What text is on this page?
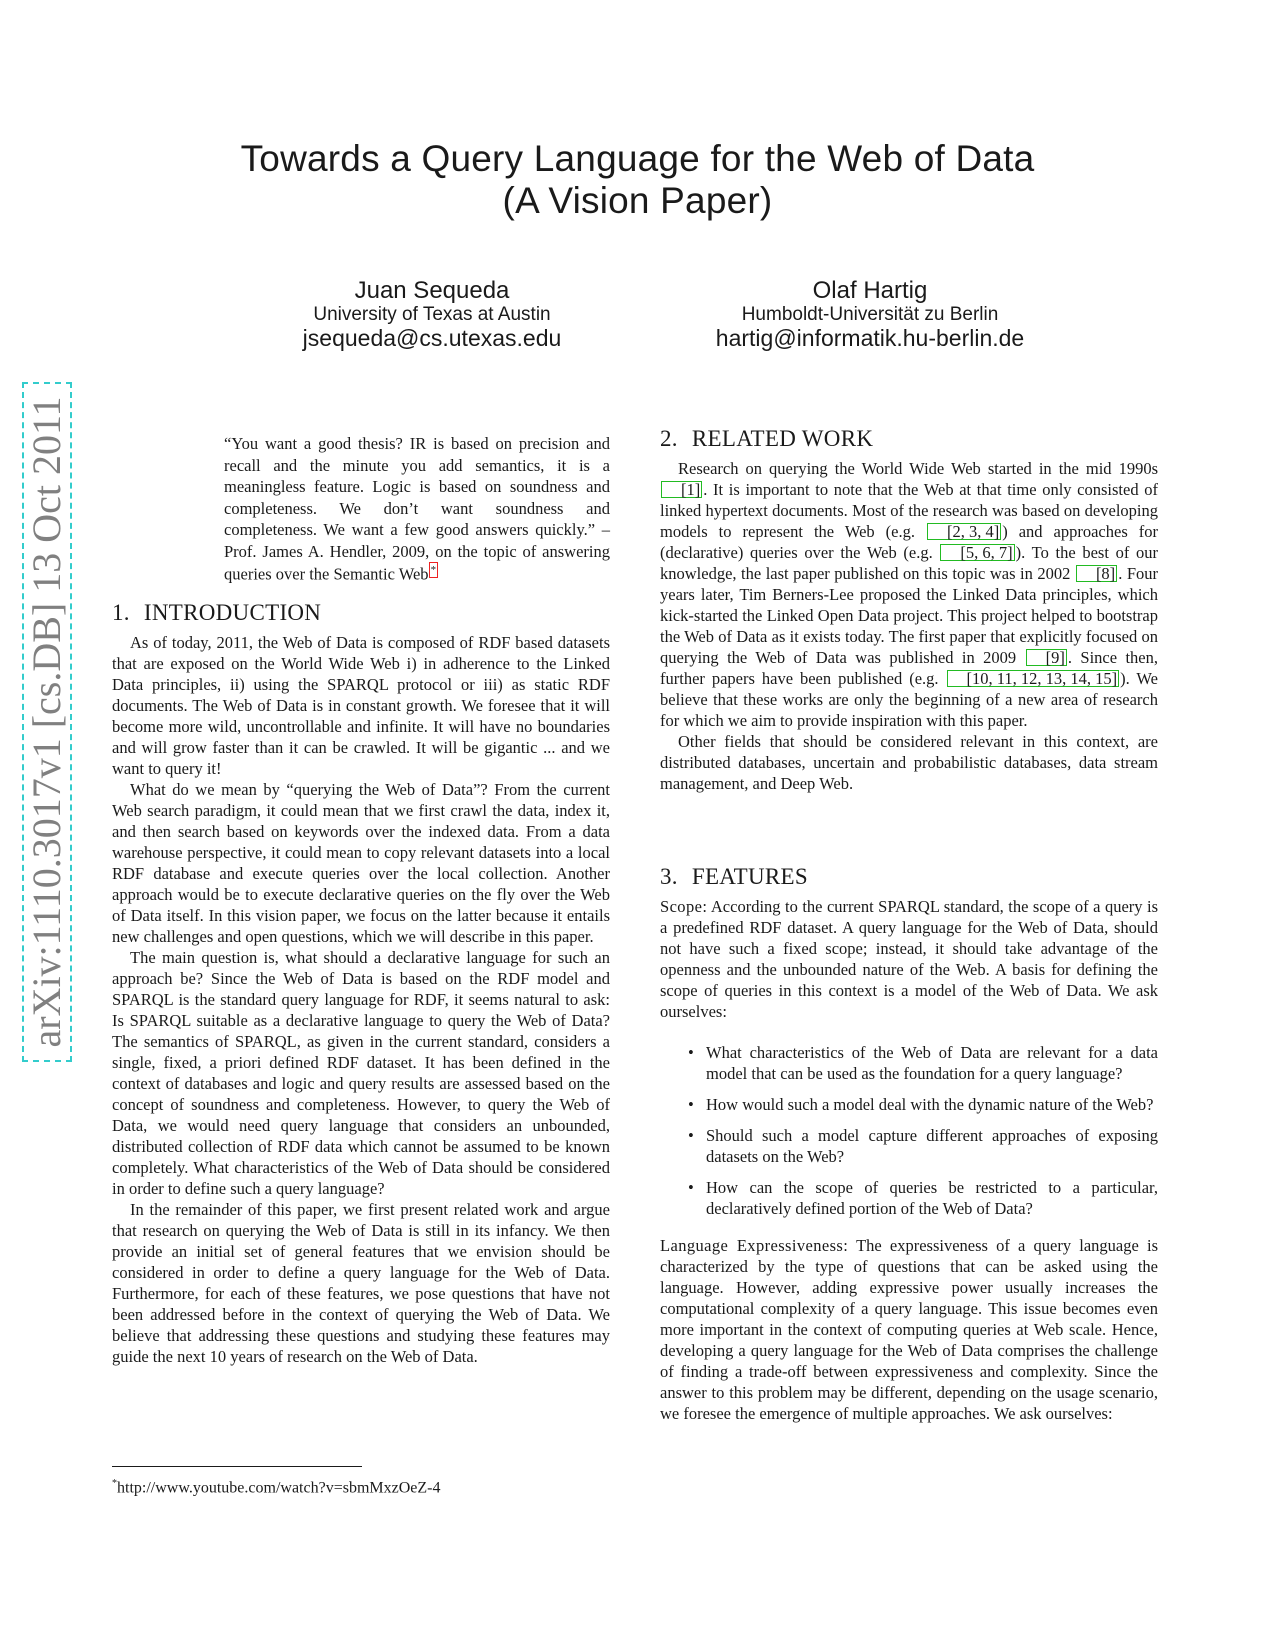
Towards a Query Language for the Web of Data
(A Vision Paper)
Juan Sequeda
University of Texas at Austin
jsequeda@cs.utexas.edu
Olaf Hartig
Humboldt-Universität zu Berlin
hartig@informatik.hu-berlin.de
arXiv:1110.3017v1 [cs.DB] 13 Oct 2011	“You want a good thesis? IR is based on precision and recall and the minute you add semantics, it is a meaningless feature. Logic is based on soundness and completeness. We don’t want soundness and completeness. We want a few good answers quickly.” – Prof. James A. Hendler, 2009, on the topic of answering queries over the Semantic Web *
1. INTRODUCTION

As of today, 2011, the Web of Data is composed of RDF based datasets that are exposed on the World Wide Web i) in adherence to the Linked Data principles, ii) using the SPARQL protocol or iii) as static RDF documents. The Web of Data is in constant growth. We foresee that it will become more wild, uncontrollable and infinite. It will have no boundaries and will grow faster than it can be crawled. It will be gigantic ... and we want to query it!

What do we mean by “querying the Web of Data”? From the current Web search paradigm, it could mean that we first crawl the data, index it, and then search based on keywords over the indexed data. From a data warehouse perspective, it could mean to copy relevant datasets into a local RDF database and execute queries over the local collection. Another approach would be to execute declarative queries on the fly over the Web of Data itself. In this vision paper, we focus on the latter because it entails new challenges and open questions, which we will describe in this paper.

The main question is, what should a declarative language for such an approach be? Since the Web of Data is based on the RDF model and SPARQL is the standard query language for RDF, it seems natural to ask: Is SPARQL suitable as a declarative language to query the Web of Data? The semantics of SPARQL, as given in the current standard, considers a single, fixed, a priori defined RDF dataset. It has been defined in the context of databases and logic and query results are assessed based on the concept of soundness and completeness. However, to query the Web of Data, we would need query language that considers an unbounded, distributed collection of RDF data which cannot be assumed to be known completely. What characteristics of the Web of Data should be considered in order to define such a query language?

In the remainder of this paper, we first present related work and argue that research on querying the Web of Data is still in its infancy. We then provide an initial set of general features that we envision should be considered in order to define a query language for the Web of Data. Furthermore, for each of these features, we pose questions that have not been addressed before in the context of querying the Web of Data. We believe that addressing these questions and studying these features may guide the next 10 years of research on the Web of Data.

*http://www.youtube.com/watch?v=sbmMxzOeZ-4
2. RELATED WORK

Research on querying the World Wide Web started in the mid 1990s [1] . It is important to note that the Web at that time only consisted of linked hypertext documents. Most of the research was based on developing models to represent the Web (e.g. [2, 3, 4] ) and approaches for (declarative) queries over the Web (e.g. [5, 6, 7] ). To the best of our knowledge, the last paper published on this topic was in 2002 [8] . Four years later, Tim Berners-Lee proposed the Linked Data principles, which kick-started the Linked Open Data project. This project helped to bootstrap the Web of Data as it exists today. The first paper that explicitly focused on querying the Web of Data was published in 2009 [9] . Since then, further papers have been published (e.g. [10, 11, 12, 13, 14, 15] ). We believe that these works are only the beginning of a new area of research for which we aim to provide inspiration with this paper.

Other fields that should be considered relevant in this context, are distributed databases, uncertain and probabilistic databases, data stream management, and Deep Web.

3. FEATURES

Scope: According to the current SPARQL standard, the scope of a query is a predefined RDF dataset. A query language for the Web of Data, should not have such a fixed scope; instead, it should take advantage of the openness and the unbounded nature of the Web. A basis for defining the scope of queries in this context is a model of the Web of Data. We ask ourselves:

• What characteristics of the Web of Data are relevant for a data model that can be used as the foundation for a query language?
• How would such a model deal with the dynamic nature of the Web?
• Should such a model capture different approaches of exposing datasets on the Web?
• How can the scope of queries be restricted to a particular, declaratively defined portion of the Web of Data?

Language Expressiveness: The expressiveness of a query language is characterized by the type of questions that can be asked using the language. However, adding expressive power usually increases the computational complexity of a query language. This issue becomes even more important in the context of computing queries at Web scale. Hence, developing a query language for the Web of Data comprises the challenge of finding a trade-off between expressiveness and complexity. Since the answer to this problem may be different, depending on the usage scenario, we foresee the emergence of multiple approaches. We ask ourselves:
